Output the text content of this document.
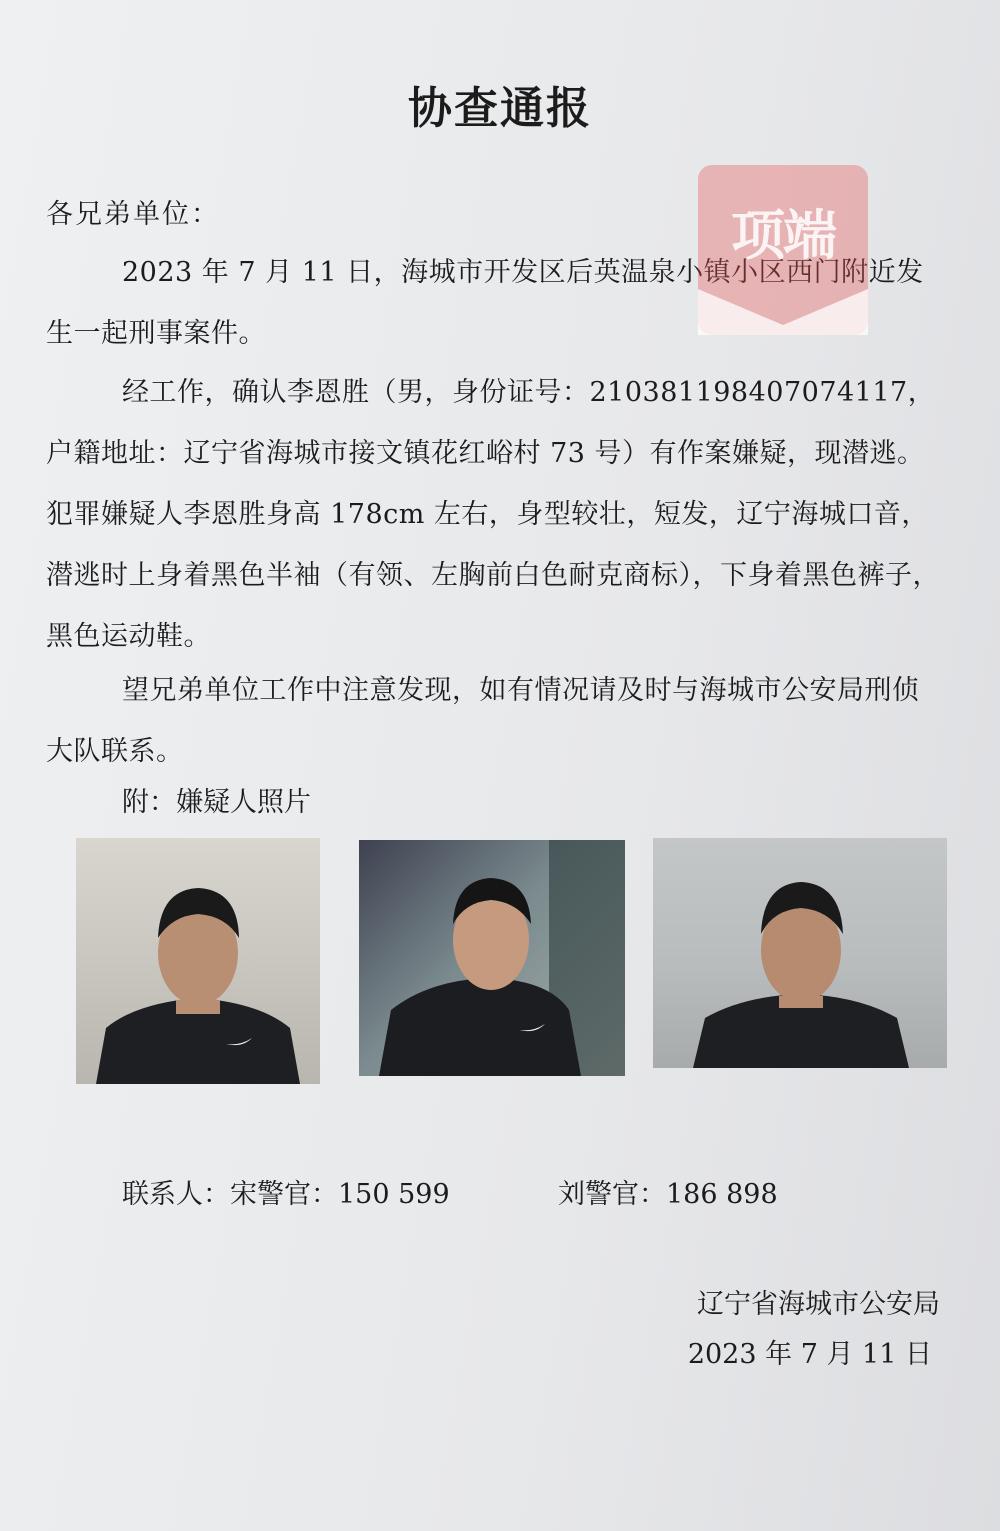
协查通报
各兄弟单位：

2023 年 7 月 11 日，海城市开发区后英温泉小镇小区西门附近发生一起刑事案件。

经工作，确认李恩胜（男，身份证号：210381198407074117，户籍地址：辽宁省海城市接文镇花红峪村 73 号）有作案嫌疑，现潜逃。犯罪嫌疑人李恩胜身高 178cm 左右，身型较壮，短发，辽宁海城口音，潜逃时上身着黑色半袖（有领、左胸前白色耐克商标），下身着黑色裤子，黑色运动鞋。

望兄弟单位工作中注意发现，如有情况请及时与海城市公安局刑侦大队联系。

附：嫌疑人照片
联系人：宋警官：150 599	刘警官：186 898
辽宁省海城市公安局
2023 年 7 月 11 日
项端
